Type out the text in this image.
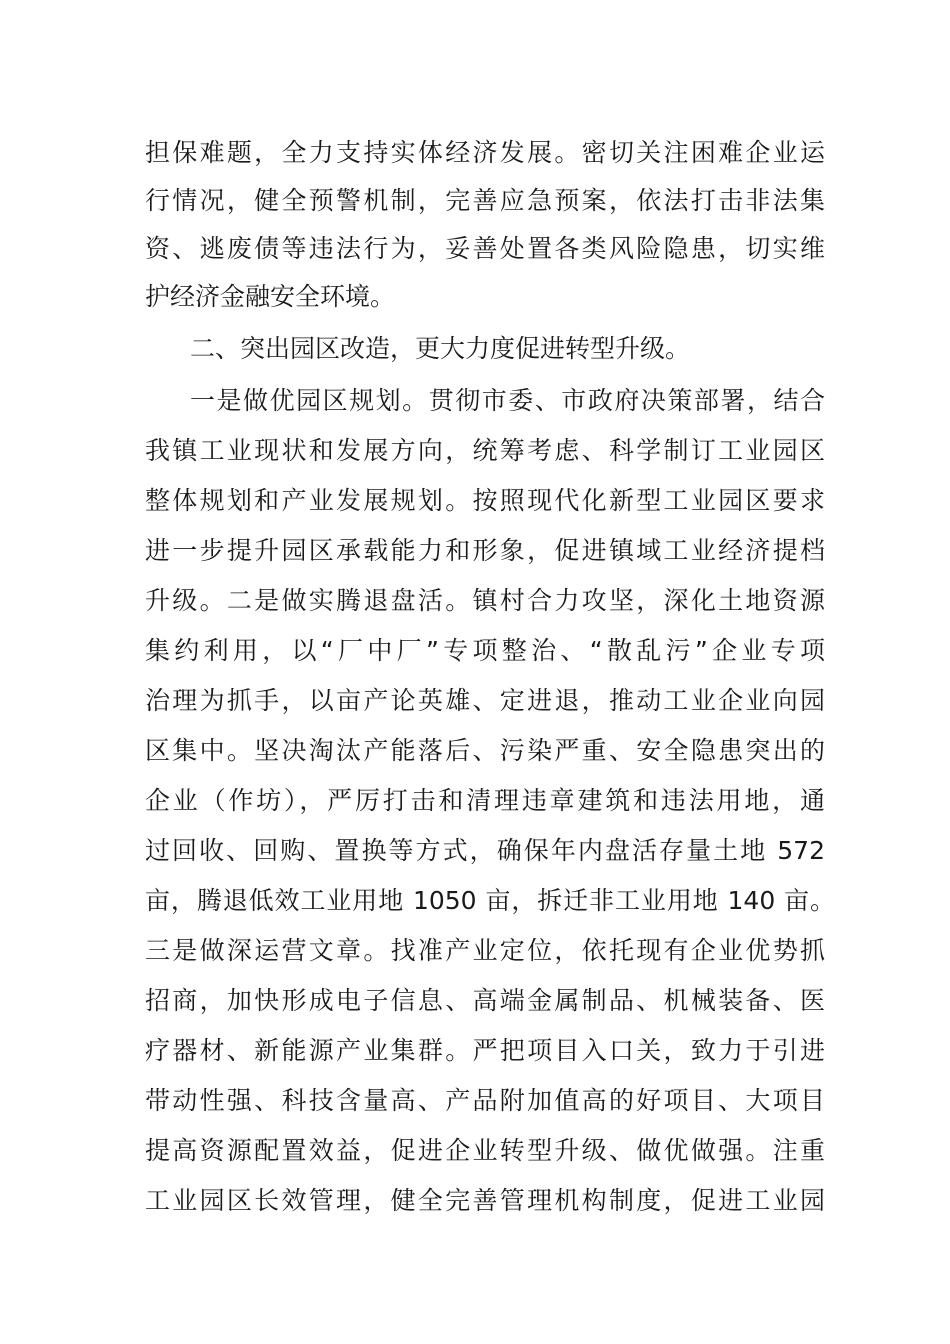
担保难题，全力支持实体经济发展。密切关注困难企业运
行情况，健全预警机制，完善应急预案，依法打击非法集
资、逃废债等违法行为，妥善处置各类风险隐患，切实维
护经济金融安全环境。
二、突出园区改造，更大力度促进转型升级。
一是做优园区规划。贯彻市委、市政府决策部署，结合
我镇工业现状和发展方向，统筹考虑、科学制订工业园区
整体规划和产业发展规划。按照现代化新型工业园区要求
进一步提升园区承载能力和形象，促进镇域工业经济提档
升级。二是做实腾退盘活。镇村合力攻坚，深化土地资源
集约利用，以“厂中厂”专项整治、“散乱污”企业专项
治理为抓手，以亩产论英雄、定进退，推动工业企业向园
区集中。坚决淘汰产能落后、污染严重、安全隐患突出的
企业（作坊），严厉打击和清理违章建筑和违法用地，通
过回收、回购、置换等方式，确保年内盘活存量土地 572
亩，腾退低效工业用地 1050 亩，拆迁非工业用地 140 亩。
三是做深运营文章。找准产业定位，依托现有企业优势抓
招商，加快形成电子信息、高端金属制品、机械装备、医
疗器材、新能源产业集群。严把项目入口关，致力于引进
带动性强、科技含量高、产品附加值高的好项目、大项目
提高资源配置效益，促进企业转型升级、做优做强。注重
工业园区长效管理，健全完善管理机构制度，促进工业园
